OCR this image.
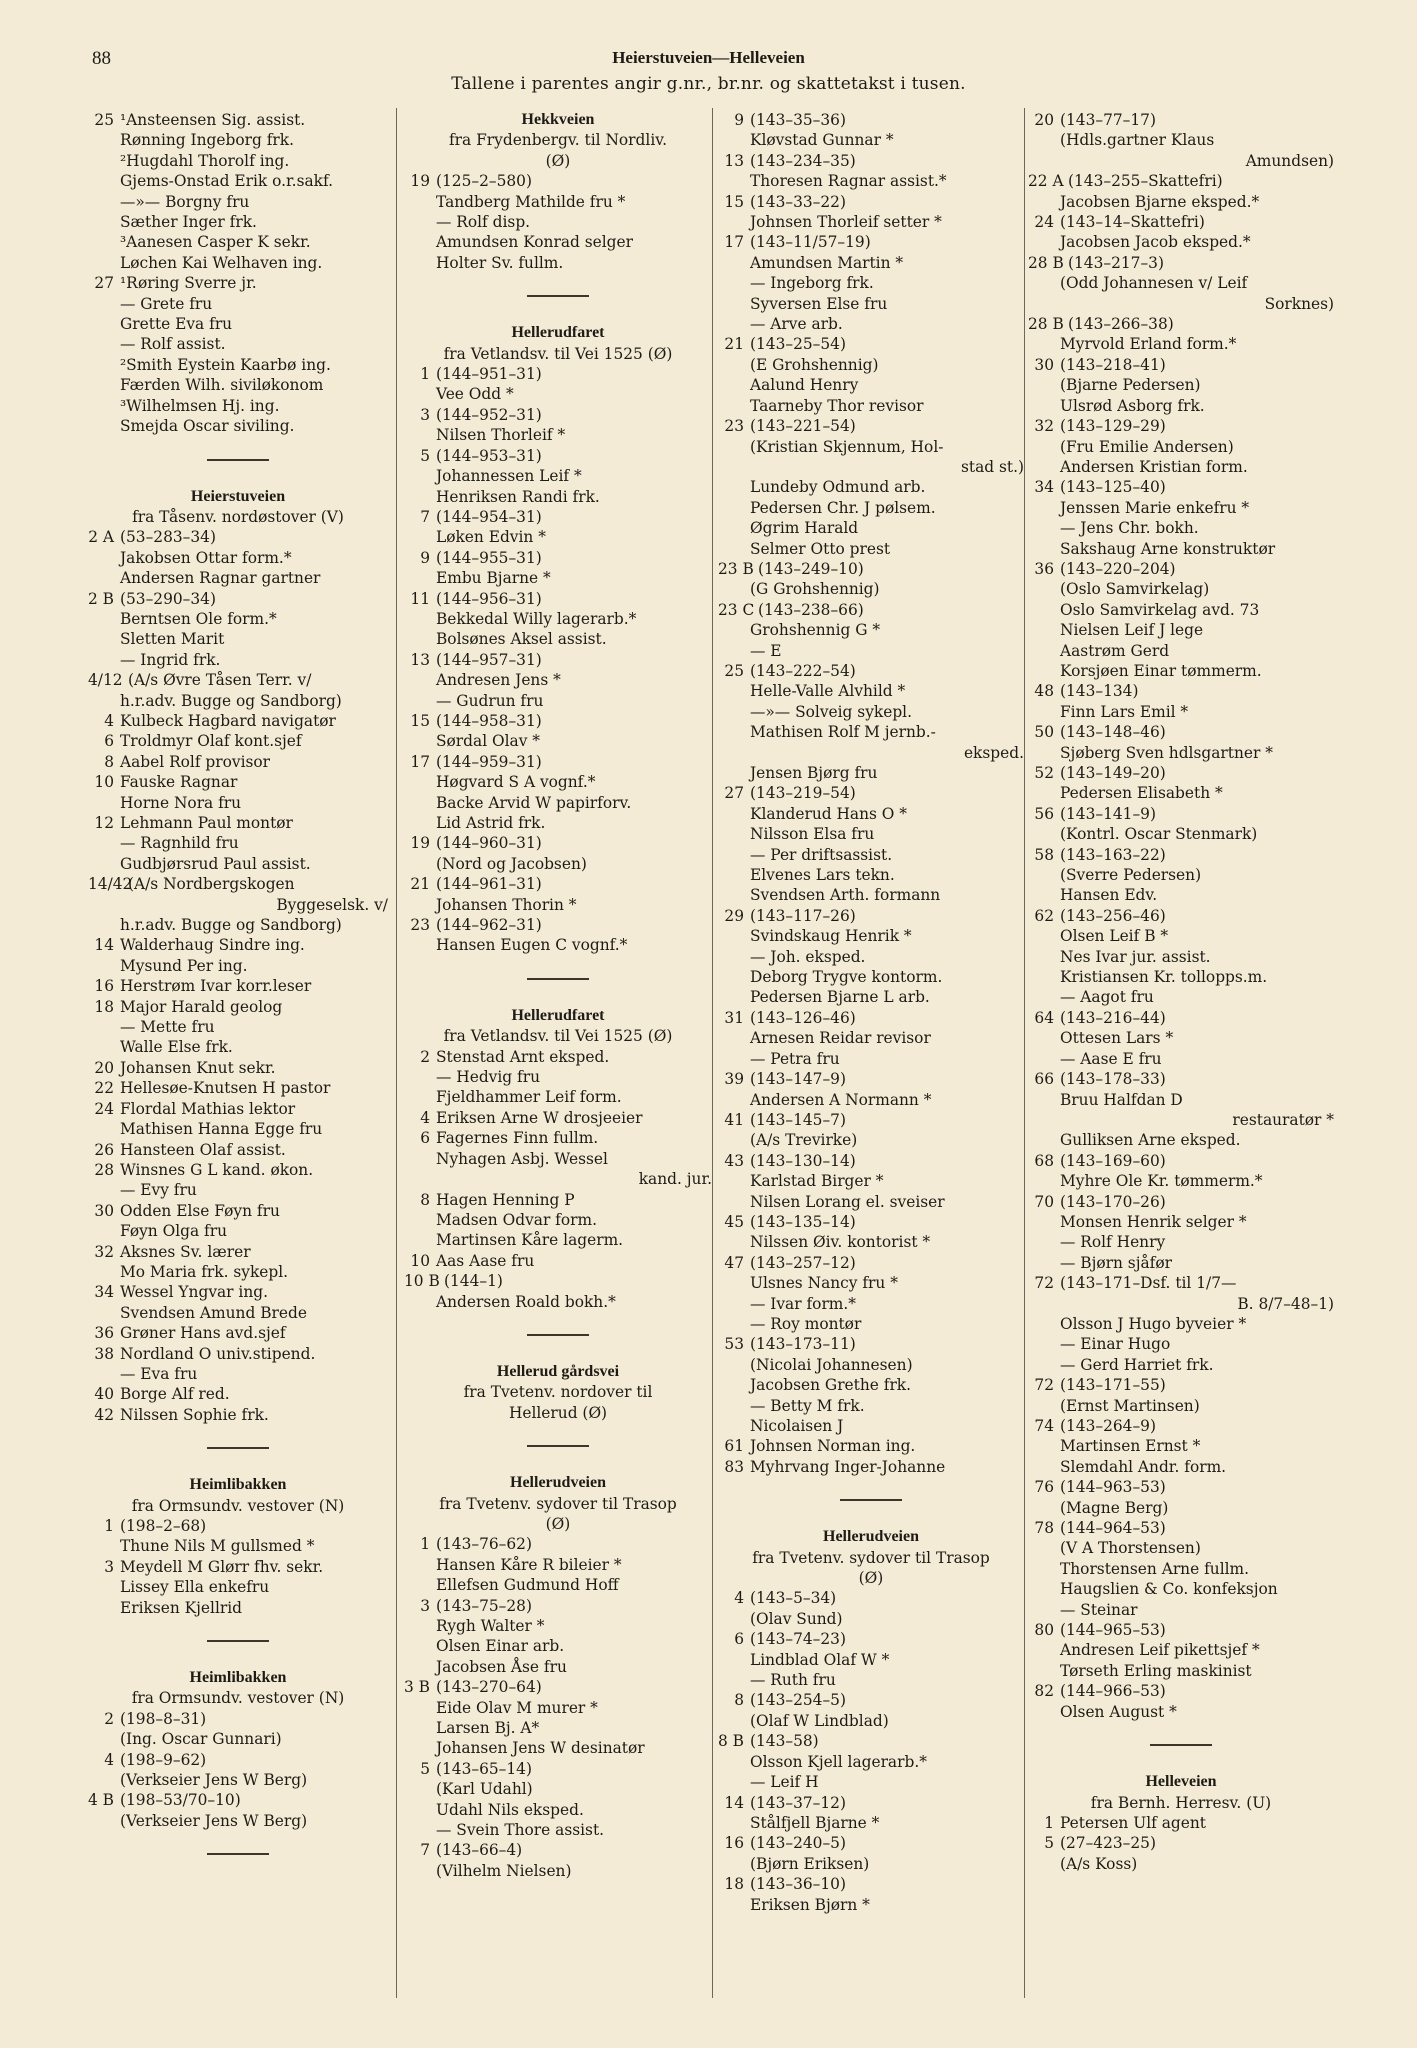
88	Heierstuveien—Helleveien
Tallene i parentes angir g.nr., br.nr. og skattetakst i tusen.
25 ¹Ansteensen Sig. assist.
Rønning Ingeborg frk.
²Hugdahl Thorolf ing.
Gjems-Onstad Erik o.r.sakf.
—»— Borgny fru
Sæther Inger frk.
³Aanesen Casper K sekr.
Løchen Kai Welhaven ing.
27 ¹Røring Sverre jr.
— Grete fru
Grette Eva fru
— Rolf assist.
²Smith Eystein Kaarbø ing.
Færden Wilh. siviløkonom
³Wilhelmsen Hj. ing.
Smejda Oscar siviling.
Heierstuveien
fra Tåsenv. nordøstover (V)
2 A (53–283–34)
Jakobsen Ottar form.*
Andersen Ragnar gartner
2 B (53–290–34)
Berntsen Ole form.*
Sletten Marit
— Ingrid frk.
4/12 (A/s Øvre Tåsen Terr. v/
h.r.adv. Bugge og Sandborg)
4 Kulbeck Hagbard navigatør
6 Troldmyr Olaf kont.sjef
8 Aabel Rolf provisor
10 Fauske Ragnar
Horne Nora fru
12 Lehmann Paul montør
— Ragnhild fru
Gudbjørsrud Paul assist.
14/42
(A/s Nordbergskogen
Byggeselsk. v/
h.r.adv. Bugge og Sandborg)
14 Walderhaug Sindre ing.
Mysund Per ing.
16 Herstrøm Ivar korr.leser
18 Major Harald geolog
— Mette fru
Walle Else frk.
20 Johansen Knut sekr.
22 Hellesøe-Knutsen H pastor
24 Flordal Mathias lektor
Mathisen Hanna Egge fru
26 Hansteen Olaf assist.
28 Winsnes G L kand. økon.
— Evy fru
30 Odden Else Føyn fru
Føyn Olga fru
32 Aksnes Sv. lærer
Mo Maria frk. sykepl.
34 Wessel Yngvar ing.
Svendsen Amund Brede
36 Grøner Hans avd.sjef
38 Nordland O univ.stipend.
— Eva fru
40 Borge Alf red.
42 Nilssen Sophie frk.
Heimlibakken
fra Ormsundv. vestover (N)
1 (198–2–68)
Thune Nils M gullsmed *
3 Meydell M Glørr fhv. sekr.
Lissey Ella enkefru
Eriksen Kjellrid
Heimlibakken
fra Ormsundv. vestover (N)
2 (198–8–31)
(Ing. Oscar Gunnari)
4 (198–9–62)
(Verkseier Jens W Berg)
4 B (198–53/70–10)
(Verkseier Jens W Berg)
Hekkveien
fra Frydenbergv. til Nordliv.
(Ø)
19 (125–2–580)
Tandberg Mathilde fru *
— Rolf disp.
Amundsen Konrad selger
Holter Sv. fullm.
Hellerudfaret
fra Vetlandsv. til Vei 1525 (Ø)
1 (144–951–31)
Vee Odd *
3 (144–952–31)
Nilsen Thorleif *
5 (144–953–31)
Johannessen Leif *
Henriksen Randi frk.
7 (144–954–31)
Løken Edvin *
9 (144–955–31)
Embu Bjarne *
11 (144–956–31)
Bekkedal Willy lagerarb.*
Bolsønes Aksel assist.
13 (144–957–31)
Andresen Jens *
— Gudrun fru
15 (144–958–31)
Sørdal Olav *
17 (144–959–31)
Høgvard S A vognf.*
Backe Arvid W papirforv.
Lid Astrid frk.
19 (144–960–31)
(Nord og Jacobsen)
21 (144–961–31)
Johansen Thorin *
23 (144–962–31)
Hansen Eugen C vognf.*
Hellerudfaret
fra Vetlandsv. til Vei 1525 (Ø)
2 Stenstad Arnt eksped.
— Hedvig fru
Fjeldhammer Leif form.
4 Eriksen Arne W drosjeeier
6 Fagernes Finn fullm.
Nyhagen Asbj. Wessel
kand. jur.
8 Hagen Henning P
Madsen Odvar form.
Martinsen Kåre lagerm.
10 Aas Aase fru
10 B (144–1)
Andersen Roald bokh.*
Hellerud gårdsvei
fra Tvetenv. nordover til
Hellerud (Ø)
Hellerudveien
fra Tvetenv. sydover til Trasop
(Ø)
1 (143–76–62)
Hansen Kåre R bileier *
Ellefsen Gudmund Hoff
3 (143–75–28)
Rygh Walter *
Olsen Einar arb.
Jacobsen Åse fru
3 B (143–270–64)
Eide Olav M murer *
Larsen Bj. A*
Johansen Jens W desinatør
5 (143–65–14)
(Karl Udahl)
Udahl Nils eksped.
— Svein Thore assist.
7 (143–66–4)
(Vilhelm Nielsen)
9 (143–35–36)
Kløvstad Gunnar *
13 (143–234–35)
Thoresen Ragnar assist.*
15 (143–33–22)
Johnsen Thorleif setter *
17 (143–11/57–19)
Amundsen Martin *
— Ingeborg frk.
Syversen Else fru
— Arve arb.
21 (143–25–54)
(E Grohshennig)
Aalund Henry
Taarneby Thor revisor
23 (143–221–54)
(Kristian Skjennum, Hol-
stad st.)
Lundeby Odmund arb.
Pedersen Chr. J pølsem.
Øgrim Harald
Selmer Otto prest
23 B (143–249–10)
(G Grohshennig)
23 C (143–238–66)
Grohshennig G *
— E
25 (143–222–54)
Helle-Valle Alvhild *
—»— Solveig sykepl.
Mathisen Rolf M jernb.-
eksped.
Jensen Bjørg fru
27 (143–219–54)
Klanderud Hans O *
Nilsson Elsa fru
— Per driftsassist.
Elvenes Lars tekn.
Svendsen Arth. formann
29 (143–117–26)
Svindskaug Henrik *
— Joh. eksped.
Deborg Trygve kontorm.
Pedersen Bjarne L arb.
31 (143–126–46)
Arnesen Reidar revisor
— Petra fru
39 (143–147–9)
Andersen A Normann *
41 (143–145–7)
(A/s Trevirke)
43 (143–130–14)
Karlstad Birger *
Nilsen Lorang el. sveiser
45 (143–135–14)
Nilssen Øiv. kontorist *
47 (143–257–12)
Ulsnes Nancy fru *
— Ivar form.*
— Roy montør
53 (143–173–11)
(Nicolai Johannesen)
Jacobsen Grethe frk.
— Betty M frk.
Nicolaisen J
61 Johnsen Norman ing.
83 Myhrvang Inger-Johanne
Hellerudveien
fra Tvetenv. sydover til Trasop
(Ø)
4 (143–5–34)
(Olav Sund)
6 (143–74–23)
Lindblad Olaf W *
— Ruth fru
8 (143–254–5)
(Olaf W Lindblad)
8 B (143–58)
Olsson Kjell lagerarb.*
— Leif H
14 (143–37–12)
Stålfjell Bjarne *
16 (143–240–5)
(Bjørn Eriksen)
18 (143–36–10)
Eriksen Bjørn *
20 (143–77–17)
(Hdls.gartner Klaus
Amundsen)
22 A (143–255–Skattefri)
Jacobsen Bjarne eksped.*
24 (143–14–Skattefri)
Jacobsen Jacob eksped.*
28 B (143–217–3)
(Odd Johannesen v/ Leif
Sorknes)
28 B (143–266–38)
Myrvold Erland form.*
30 (143–218–41)
(Bjarne Pedersen)
Ulsrød Asborg frk.
32 (143–129–29)
(Fru Emilie Andersen)
Andersen Kristian form.
34 (143–125–40)
Jenssen Marie enkefru *
— Jens Chr. bokh.
Sakshaug Arne konstruktør
36 (143–220–204)
(Oslo Samvirkelag)
Oslo Samvirkelag avd. 73
Nielsen Leif J lege
Aastrøm Gerd
Korsjøen Einar tømmerm.
48 (143–134)
Finn Lars Emil *
50 (143–148–46)
Sjøberg Sven hdlsgartner *
52 (143–149–20)
Pedersen Elisabeth *
56 (143–141–9)
(Kontrl. Oscar Stenmark)
58 (143–163–22)
(Sverre Pedersen)
Hansen Edv.
62 (143–256–46)
Olsen Leif B *
Nes Ivar jur. assist.
Kristiansen Kr. tollopps.m.
— Aagot fru
64 (143–216–44)
Ottesen Lars *
— Aase E fru
66 (143–178–33)
Bruu Halfdan D
restauratør *
Gulliksen Arne eksped.
68 (143–169–60)
Myhre Ole Kr. tømmerm.*
70 (143–170–26)
Monsen Henrik selger *
— Rolf Henry
— Bjørn sjåfør
72 (143–171–Dsf. til 1/7—
B. 8/7–48–1)
Olsson J Hugo byveier *
— Einar Hugo
— Gerd Harriet frk.
72 (143–171–55)
(Ernst Martinsen)
74 (143–264–9)
Martinsen Ernst *
Slemdahl Andr. form.
76 (144–963–53)
(Magne Berg)
78 (144–964–53)
(V A Thorstensen)
Thorstensen Arne fullm.
Haugslien & Co. konfeksjon
— Steinar
80 (144–965–53)
Andresen Leif pikettsjef *
Tørseth Erling maskinist
82 (144–966–53)
Olsen August *
Helleveien
fra Bernh. Herresv. (U)
1 Petersen Ulf agent
5 (27–423–25)
(A/s Koss)
